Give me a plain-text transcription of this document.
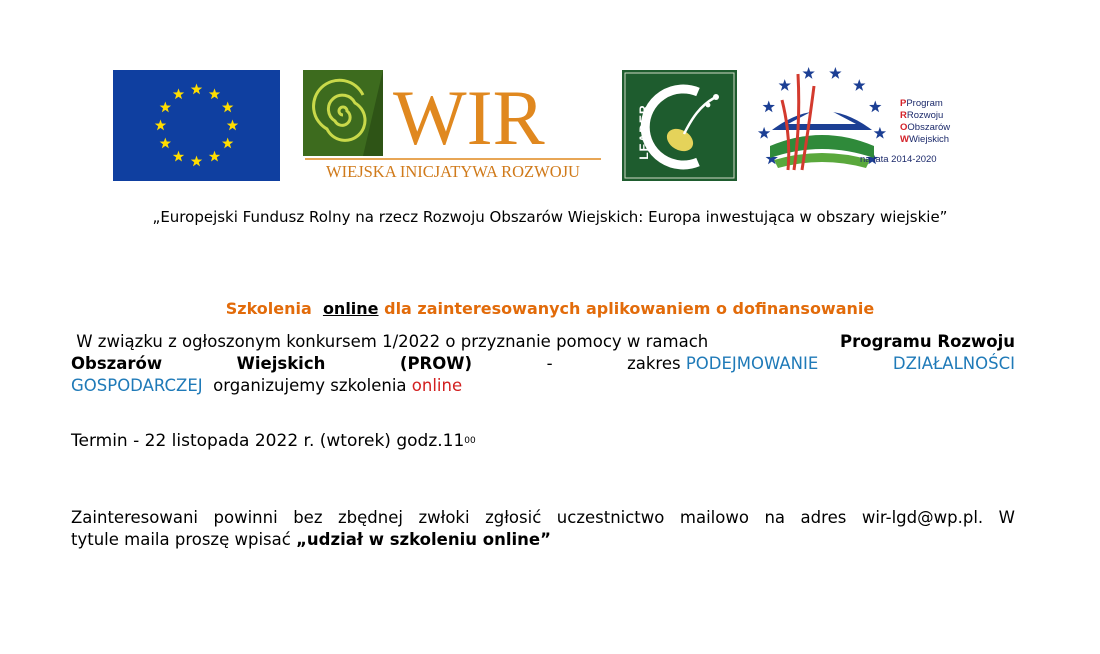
WIR
WIEJSKA INICJATYWA ROZWOJU
LEADER
PProgram
RRozwoju
OObszarów
WWiejskich
na lata 2014-2020
„Europejski Fundusz Rolny na rzecz Rozwoju Obszarów Wiejskich: Europa inwestująca w obszary wiejskie”
Szkolenia online dla zainteresowanych aplikowaniem o dofinansowanie
W związku z ogłoszonym konkursem 1/2022 o przyznanie pomocy w ramach	Programu Rozwoju
Obszarów	Wiejskich	(PROW)	-	zakres PODEJMOWANIE	DZIAŁALNOŚCI
GOSPODARCZEJ organizujemy szkolenia online
Termin - 22 listopada 2022 r. (wtorek) $godz.11^{00}$
Zainteresowani powinni bez zbędnej zwłoki zgłosić uczestnictwo mailowo na adres wir-lgd@wp.pl. W
tytule maila proszę wpisać „udział w szkoleniu online”
